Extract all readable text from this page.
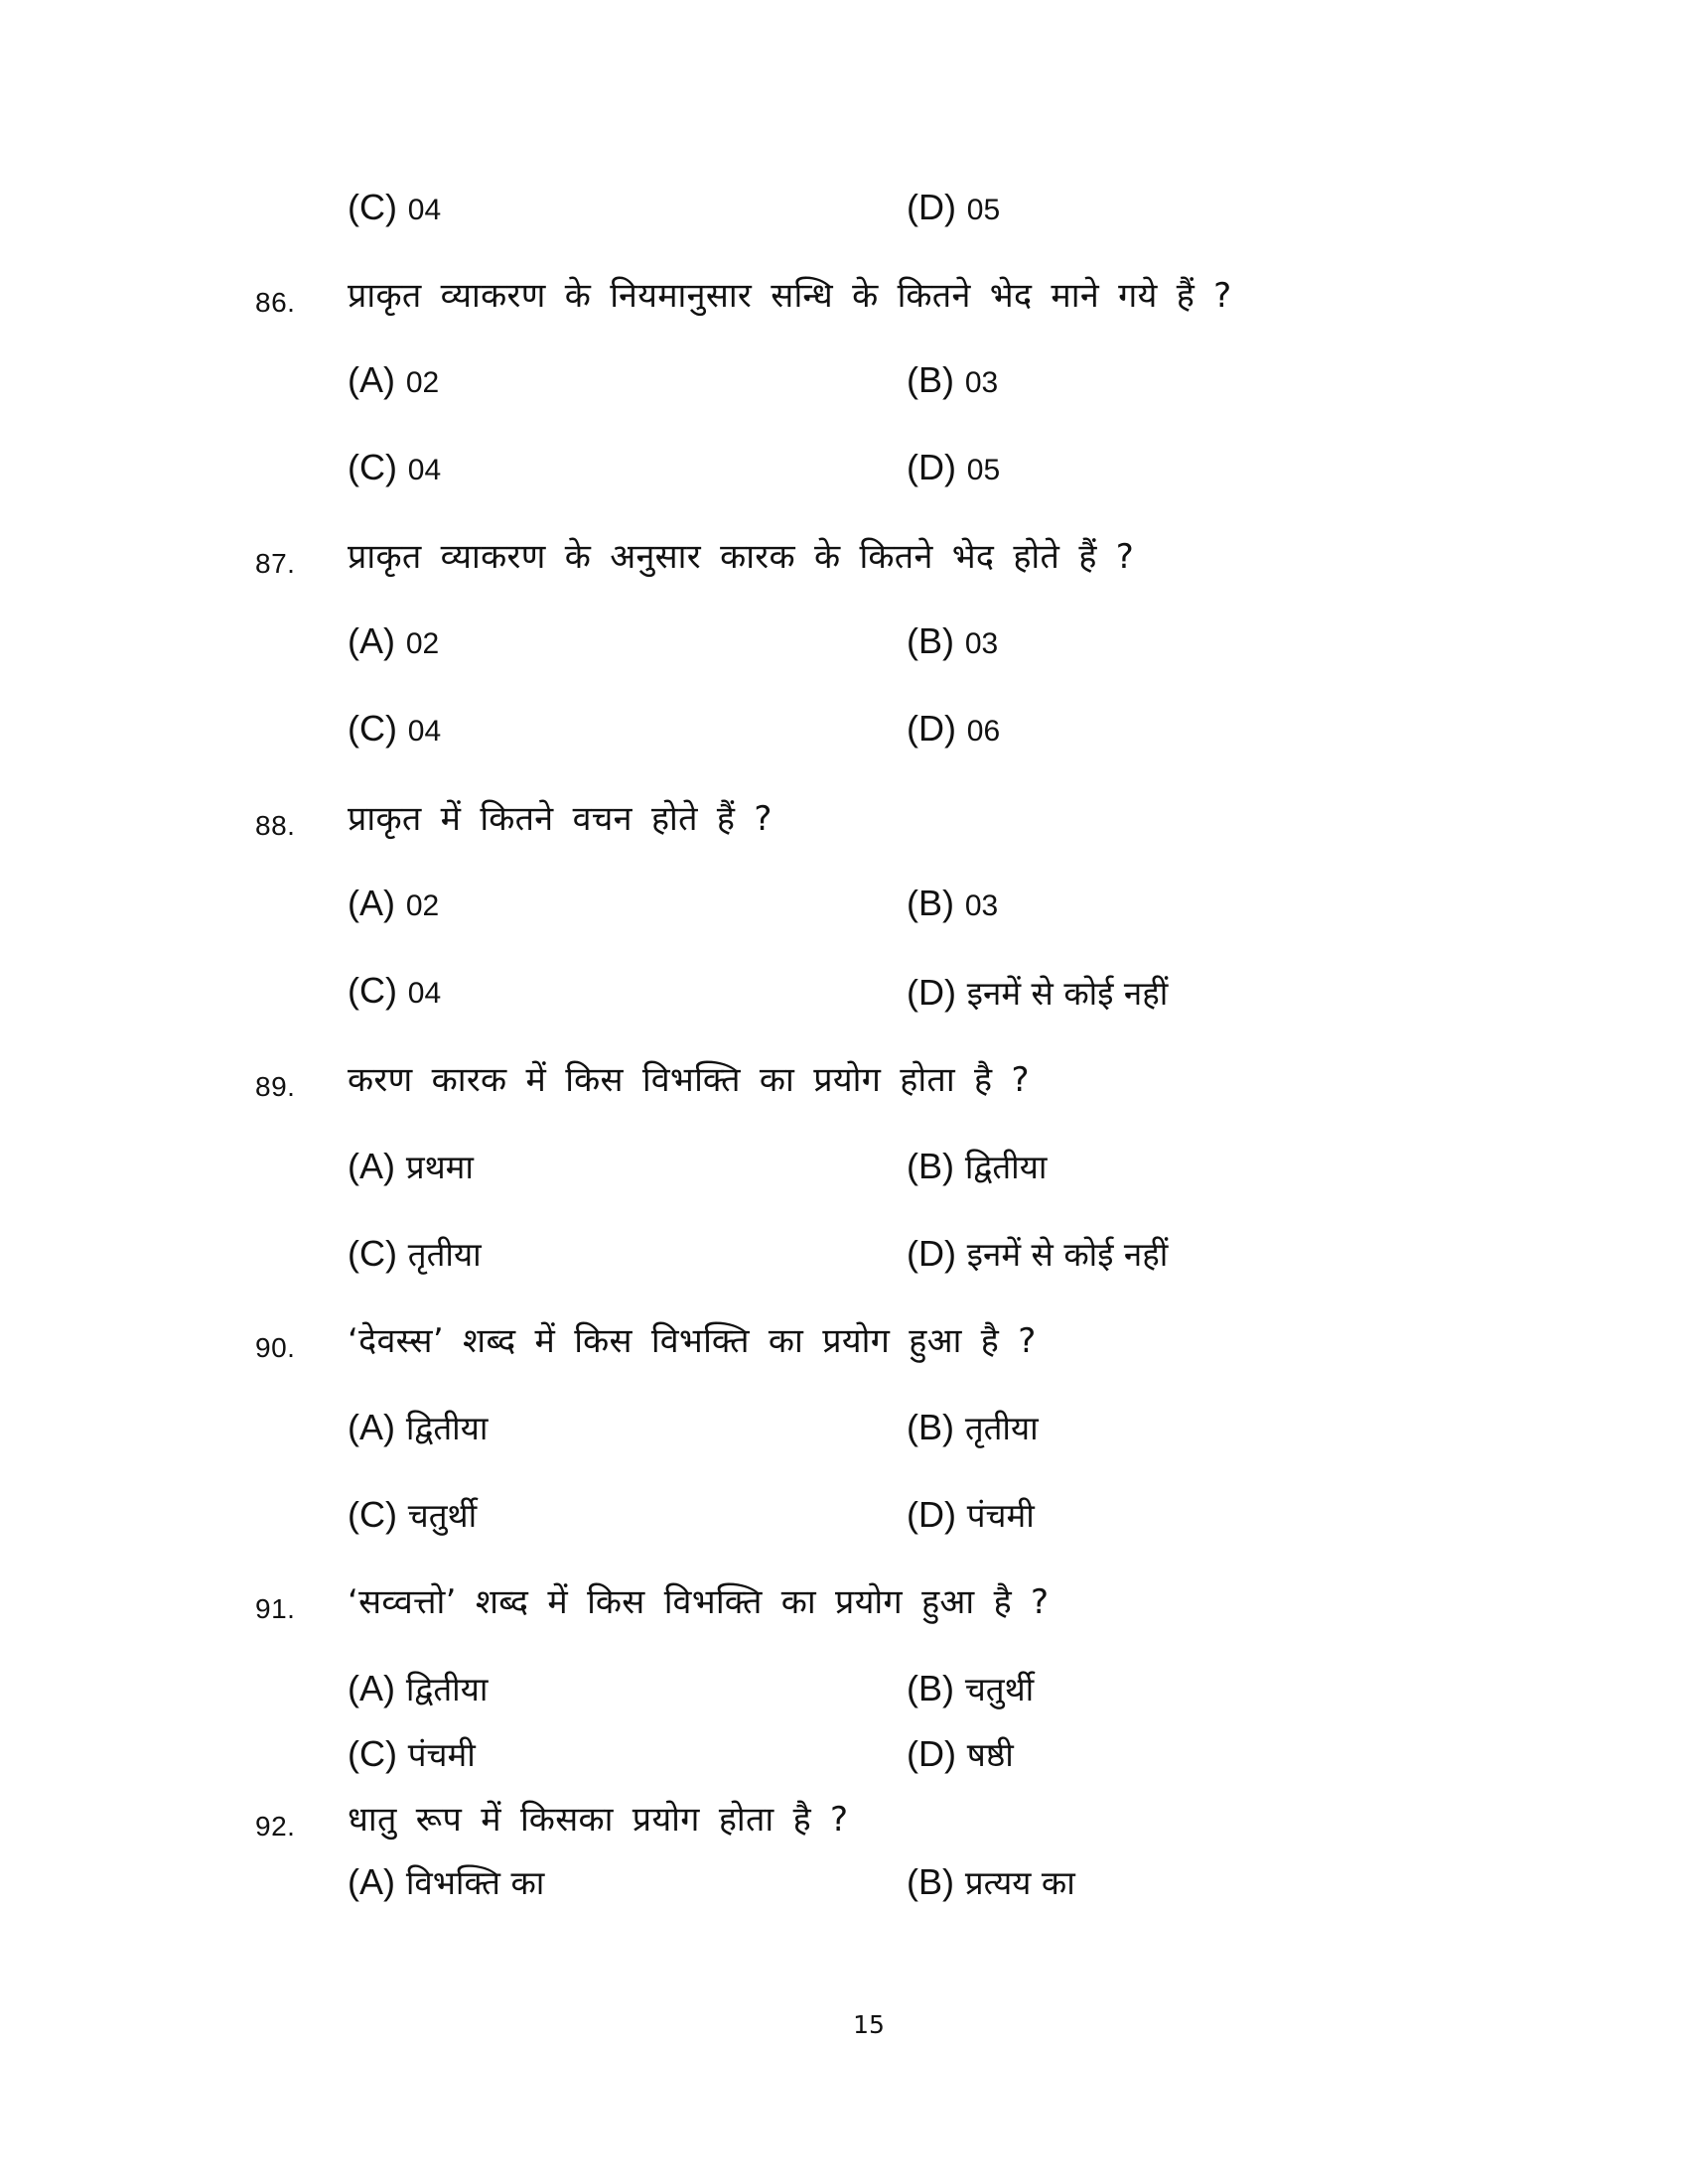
(C) 04	(D) 05
86. प्राकृत व्याकरण के नियमानुसार सन्धि के कितने भेद माने गये हैं ?
(A) 02	(B) 03
(C) 04	(D) 05
87. प्राकृत व्याकरण के अनुसार कारक के कितने भेद होते हैं ?
(A) 02	(B) 03
(C) 04	(D) 06
88. प्राकृत में कितने वचन होते हैं ?
(A) 02	(B) 03
(C) 04	(D) इनमें से कोई नहीं
89. करण कारक में किस विभक्ति का प्रयोग होता है ?
(A) प्रथमा	(B) द्वितीया
(C) तृतीया	(D) इनमें से कोई नहीं
90. ‘देवस्स’ शब्द में किस विभक्ति का प्रयोग हुआ है ?
(A) द्वितीया	(B) तृतीया
(C) चतुर्थी	(D) पंचमी
91. ‘सव्वत्तो’ शब्द में किस विभक्ति का प्रयोग हुआ है ?
(A) द्वितीया	(B) चतुर्थी
(C) पंचमी	(D) षष्ठी
92. धातु रूप में किसका प्रयोग होता है ?
(A) विभक्ति का	(B) प्रत्यय का
15
